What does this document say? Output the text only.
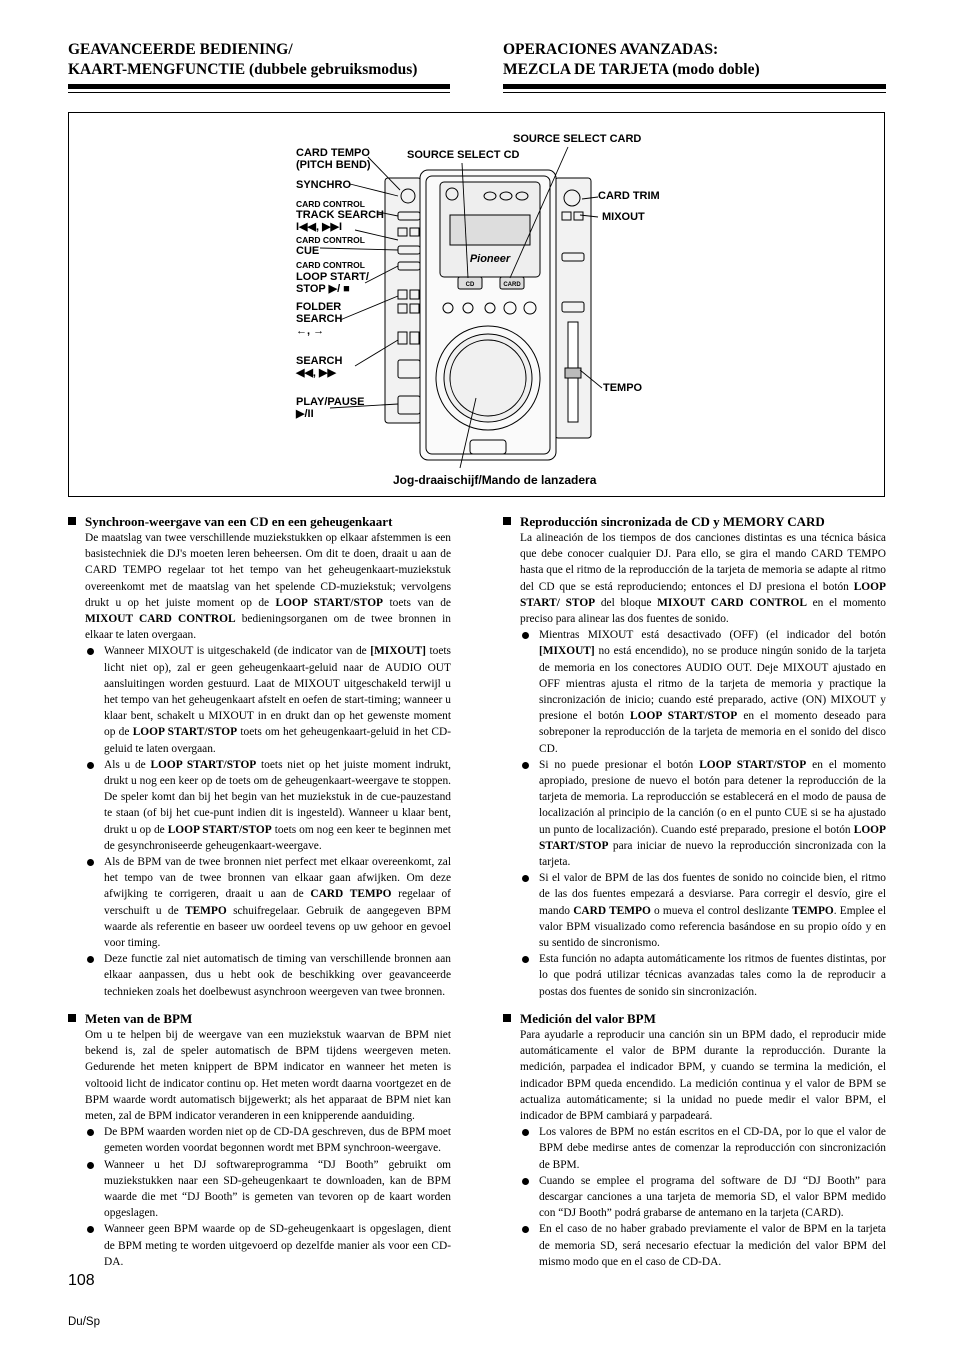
GEAVANCEERDE BEDIENING/
KAART-MENGFUNCTIE (dubbele gebruiksmodus)
OPERACIONES AVANZADAS:
MEZCLA DE TARJETA (modo doble)
Pioneer
CD	CARD
CARD TEMPO
(PITCH BEND)
SYNCHRO
CARD CONTROL
TRACK SEARCH
I◀◀, ▶▶I
CARD CONTROL
CUE
CARD CONTROL
LOOP START/
STOP ▶/ ■
FOLDER
SEARCH
←, →
SEARCH
◀◀, ▶▶
PLAY/PAUSE
▶/II
SOURCE SELECT CD
SOURCE SELECT CARD
CARD TRIM
MIXOUT
TEMPO
Jog-draaischijf/Mando de lanzadera

Synchroon-weergave van een CD en een geheugenkaart

De maatslag van twee verschillende muziekstukken op elkaar afstemmen is een basistechniek die DJ's moeten leren beheersen. Om dit te doen, draait u aan de CARD TEMPO regelaar tot het tempo van het geheugenkaart-muziekstuk overeenkomt met de maatslag van het spelende CD-muziekstuk; vervolgens drukt u op het juiste moment op de LOOP START/STOP toets van de MIXOUT CARD CONTROL bedieningsorganen om de twee bronnen in elkaar te laten overgaan.

Wanneer MIXOUT is uitgeschakeld (de indicator van de [MIXOUT] toets licht niet op), zal er geen geheugenkaart-geluid naar de AUDIO OUT aansluitingen worden gestuurd. Laat de MIXOUT uitgeschakeld terwijl u het tempo van het geheugenkaart afstelt en oefen de start-timing; wanneer u klaar bent, schakelt u MIXOUT in en drukt dan op het gewenste moment op de LOOP START/STOP toets om het geheugenkaart-geluid in het CD-geluid te laten overgaan.
Als u de LOOP START/STOP toets niet op het juiste moment indrukt, drukt u nog een keer op de toets om de geheugenkaart-weergave te stoppen. De speler komt dan bij het begin van het muziekstuk in de cue-pauzestand te staan (of bij het cue-punt indien dit is ingesteld). Wanneer u klaar bent, drukt u op de LOOP START/STOP toets om nog een keer te beginnen met de gesynchroniseerde geheugenkaart-weergave.
Als de BPM van de twee bronnen niet perfect met elkaar overeenkomt, zal het tempo van de twee bronnen van elkaar gaan afwijken. Om deze afwijking te corrigeren, draait u aan de CARD TEMPO regelaar of verschuift u de TEMPO schuifregelaar. Gebruik de aangegeven BPM waarde als referentie en baseer uw oordeel tevens op uw gehoor en gevoel voor timing.
Deze functie zal niet automatisch de timing van verschillende bronnen aan elkaar aanpassen, dus u hebt ook de beschikking over geavanceerde technieken zoals het doelbewust asynchroon weergeven van twee bronnen.

Meten van de BPM

Om u te helpen bij de weergave van een muziekstuk waarvan de BPM niet bekend is, zal de speler automatisch de BPM tijdens weergeven meten. Gedurende het meten knippert de BPM indicator en wanneer het meten is voltooid licht de indicator continu op. Het meten wordt daarna voortgezet en de BPM waarde wordt automatisch bijgewerkt; als het apparaat de BPM niet kan meten, zal de BPM indicator veranderen in een knipperende aanduiding.

De BPM waarden worden niet op de CD-DA geschreven, dus de BPM moet gemeten worden voordat begonnen wordt met BPM synchroon-weergave.
Wanneer u het DJ softwareprogramma “DJ Booth” gebruikt om muziekstukken naar een SD-geheugenkaart te downloaden, kan de BPM waarde die met “DJ Booth” is gemeten van tevoren op de kaart worden opgeslagen.
Wanneer geen BPM waarde op de SD-geheugenkaart is opgeslagen, dient de BPM meting te worden uitgevoerd op dezelfde manier als voor een CD-DA.

Reproducción sincronizada de CD y MEMORY CARD

La alineación de los tiempos de dos canciones distintas es una técnica básica que debe conocer cualquier DJ. Para ello, se gira el mando CARD TEMPO hasta que el ritmo de la reproducción de la tarjeta de memoria se adapte al ritmo del CD que se está reproduciendo; entonces el DJ presiona el botón LOOP START/ STOP del bloque MIXOUT CARD CONTROL en el momento preciso para alinear las dos fuentes de sonido.

Mientras MIXOUT está desactivado (OFF) (el indicador del botón [MIXOUT] no está encendido), no se produce ningún sonido de la tarjeta de memoria en los conectores AUDIO OUT. Deje MIXOUT ajustado en OFF mientras ajusta el ritmo de la tarjeta de memoria y practique la sincronización de inicio; cuando esté preparado, active (ON) MIXOUT y presione el botón LOOP START/STOP en el momento deseado para sobreponer la reproducción de la tarjeta de memoria en el sonido del disco CD.
Si no puede presionar el botón LOOP START/STOP en el momento apropiado, presione de nuevo el botón para detener la reproducción de la tarjeta de memoria. La reproducción se establecerá en el modo de pausa de localización al principio de la canción (o en el punto CUE si se ha ajustado un punto de localización). Cuando esté preparado, presione el botón LOOP START/STOP para iniciar de nuevo la reproducción sincronizada con la tarjeta.
Si el valor de BPM de las dos fuentes de sonido no coincide bien, el ritmo de las dos fuentes empezará a desviarse. Para corregir el desvío, gire el mando CARD TEMPO o mueva el control deslizante TEMPO. Emplee el valor BPM visualizado como referencia basándose en su propio oído y en su sentido de sincronismo.
Esta función no adapta automáticamente los ritmos de fuentes distintas, por lo que podrá utilizar técnicas avanzadas tales como la de reproducir a postas dos fuentes de sonido sin sincronización.

Medición del valor BPM

Para ayudarle a reproducir una canción sin un BPM dado, el reproducir mide automáticamente el valor de BPM durante la reproducción. Durante la medición, parpadea el indicador BPM, y cuando se termina la medición, el indicador BPM queda encendido. La medición continua y el valor de BPM se actualiza automáticamente; si la unidad no puede medir el valor BPM, el indicador de BPM cambiará y parpadeará.

Los valores de BPM no están escritos en el CD-DA, por lo que el valor de BPM debe medirse antes de comenzar la reproducción con sincronización de BPM.
Cuando se emplee el programa del software de DJ “DJ Booth” para descargar canciones a una tarjeta de memoria SD, el valor BPM medido con “DJ Booth” podrá grabarse de antemano en la tarjeta (CARD).
En el caso de no haber grabado previamente el valor de BPM en la tarjeta de memoria SD, será necesario efectuar la medición del valor BPM del mismo modo que en el caso de CD-DA.
108
Du/Sp
